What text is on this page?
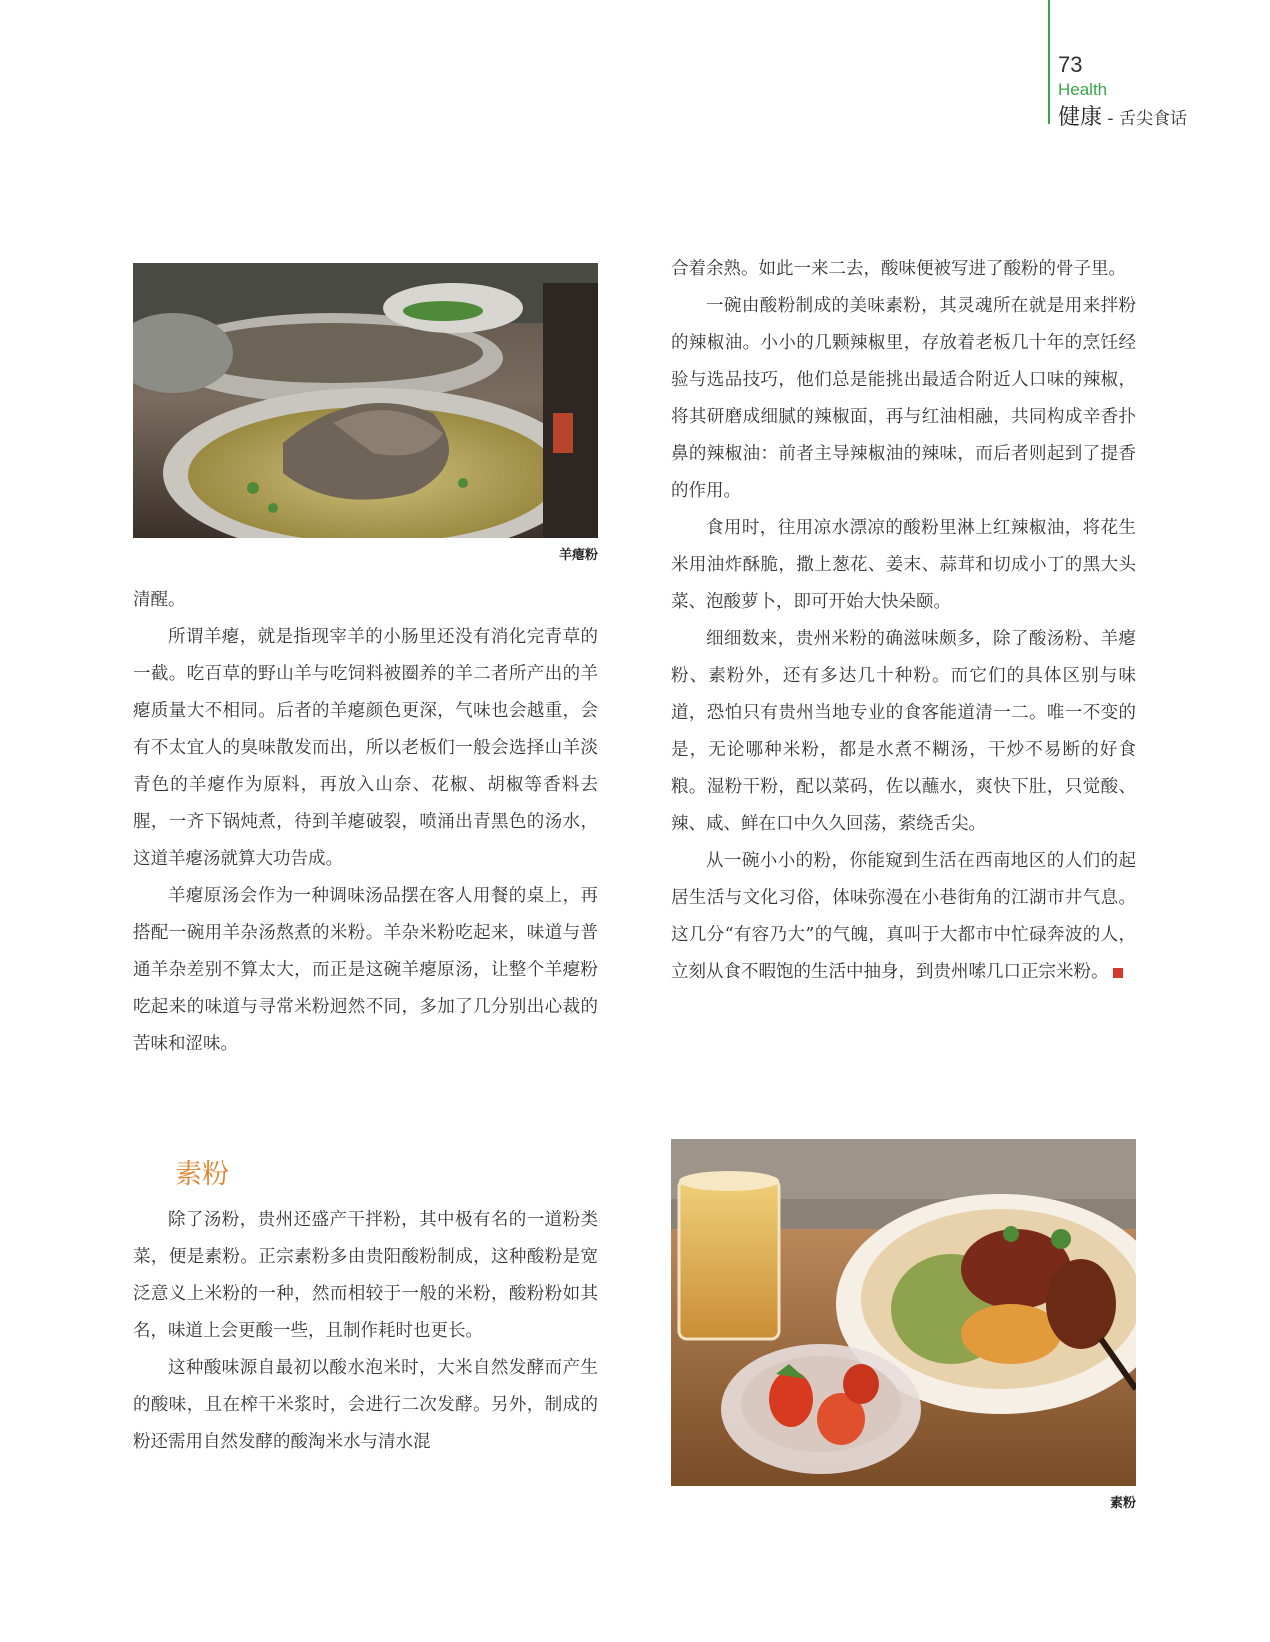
73
Health
健康 - 舌尖食话
羊瘪粉

清醒。

所谓羊瘪，就是指现宰羊的小肠里还没有消化完青草的一截。吃百草的野山羊与吃饲料被圈养的羊二者所产出的羊瘪质量大不相同。后者的羊瘪颜色更深，气味也会越重，会有不太宜人的臭味散发而出，所以老板们一般会选择山羊淡青色的羊瘪作为原料，再放入山奈、花椒、胡椒等香料去腥，一齐下锅炖煮，待到羊瘪破裂，喷涌出青黑色的汤水，这道羊瘪汤就算大功告成。

羊瘪原汤会作为一种调味汤品摆在客人用餐的桌上，再搭配一碗用羊杂汤熬煮的米粉。羊杂米粉吃起来，味道与普通羊杂差别不算太大，而正是这碗羊瘪原汤，让整个羊瘪粉吃起来的味道与寻常米粉迥然不同，多加了几分别出心裁的苦味和涩味。

素粉

除了汤粉，贵州还盛产干拌粉，其中极有名的一道粉类菜，便是素粉。正宗素粉多由贵阳酸粉制成，这种酸粉是宽泛意义上米粉的一种，然而相较于一般的米粉，酸粉粉如其名，味道上会更酸一些，且制作耗时也更长。

这种酸味源自最初以酸水泡米时，大米自然发酵而产生的酸味，且在榨干米浆时，会进行二次发酵。另外，制成的粉还需用自然发酵的酸淘米水与清水混

合着余熟。如此一来二去，酸味便被写进了酸粉的骨子里。

一碗由酸粉制成的美味素粉，其灵魂所在就是用来拌粉的辣椒油。小小的几颗辣椒里，存放着老板几十年的烹饪经验与选品技巧，他们总是能挑出最适合附近人口味的辣椒，将其研磨成细腻的辣椒面，再与红油相融，共同构成辛香扑鼻的辣椒油：前者主导辣椒油的辣味，而后者则起到了提香的作用。

食用时，往用凉水漂凉的酸粉里淋上红辣椒油，将花生米用油炸酥脆，撒上葱花、姜末、蒜茸和切成小丁的黑大头菜、泡酸萝卜，即可开始大快朵颐。

细细数来，贵州米粉的确滋味颇多，除了酸汤粉、羊瘪粉、素粉外，还有多达几十种粉。而它们的具体区别与味道，恐怕只有贵州当地专业的食客能道清一二。唯一不变的是，无论哪种米粉，都是水煮不糊汤，干炒不易断的好食粮。湿粉干粉，配以菜码，佐以蘸水，爽快下肚，只觉酸、辣、咸、鲜在口中久久回荡，萦绕舌尖。

从一碗小小的粉，你能窥到生活在西南地区的人们的起居生活与文化习俗，体味弥漫在小巷街角的江湖市井气息。这几分“有容乃大”的气魄，真叫于大都市中忙碌奔波的人，立刻从食不暇饱的生活中抽身，到贵州嗦几口正宗米粉。

素粉
